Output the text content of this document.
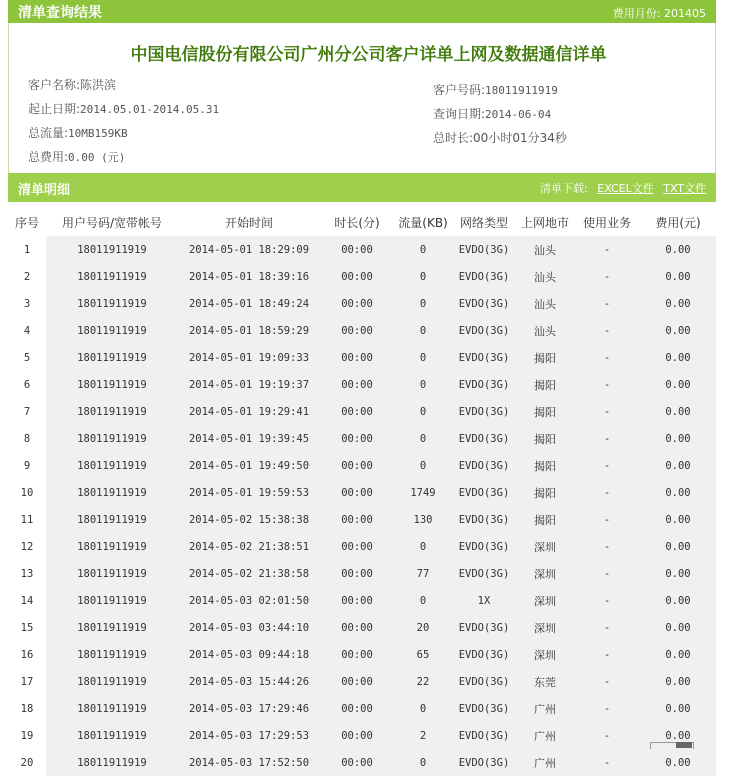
清单查询结果	费用月份: 201405
中国电信股份有限公司广州分公司客户详单上网及数据通信详单
客户名称:陈洪滨
起止日期:2014.05.01-2014.05.31
总流量:10MB159KB
总费用:0.00 (元)
客户号码:18011911919
查询日期:2014-06-04
总时长:00小时01分34秒
清单明细	清单下载: EXCEL文件 TXT文件
序号	用户号码/宽带帐号	开始时间	时长(分)	流量(KB)	网络类型	上网地市	使用业务	费用(元)
1	18011911919	2014-05-01 18:29:09	00:00	0	EVDO(3G)	汕头	-	0.00
2	18011911919	2014-05-01 18:39:16	00:00	0	EVDO(3G)	汕头	-	0.00
3	18011911919	2014-05-01 18:49:24	00:00	0	EVDO(3G)	汕头	-	0.00
4	18011911919	2014-05-01 18:59:29	00:00	0	EVDO(3G)	汕头	-	0.00
5	18011911919	2014-05-01 19:09:33	00:00	0	EVDO(3G)	揭阳	-	0.00
6	18011911919	2014-05-01 19:19:37	00:00	0	EVDO(3G)	揭阳	-	0.00
7	18011911919	2014-05-01 19:29:41	00:00	0	EVDO(3G)	揭阳	-	0.00
8	18011911919	2014-05-01 19:39:45	00:00	0	EVDO(3G)	揭阳	-	0.00
9	18011911919	2014-05-01 19:49:50	00:00	0	EVDO(3G)	揭阳	-	0.00
10	18011911919	2014-05-01 19:59:53	00:00	1749	EVDO(3G)	揭阳	-	0.00
11	18011911919	2014-05-02 15:38:38	00:00	130	EVDO(3G)	揭阳	-	0.00
12	18011911919	2014-05-02 21:38:51	00:00	0	EVDO(3G)	深圳	-	0.00
13	18011911919	2014-05-02 21:38:58	00:00	77	EVDO(3G)	深圳	-	0.00
14	18011911919	2014-05-03 02:01:50	00:00	0	1X	深圳	-	0.00
15	18011911919	2014-05-03 03:44:10	00:00	20	EVDO(3G)	深圳	-	0.00
16	18011911919	2014-05-03 09:44:18	00:00	65	EVDO(3G)	深圳	-	0.00
17	18011911919	2014-05-03 15:44:26	00:00	22	EVDO(3G)	东莞	-	0.00
18	18011911919	2014-05-03 17:29:46	00:00	0	EVDO(3G)	广州	-	0.00
19	18011911919	2014-05-03 17:29:53	00:00	2	EVDO(3G)	广州	-	0.00
20	18011911919	2014-05-03 17:52:50	00:00	0	EVDO(3G)	广州	-	0.00
